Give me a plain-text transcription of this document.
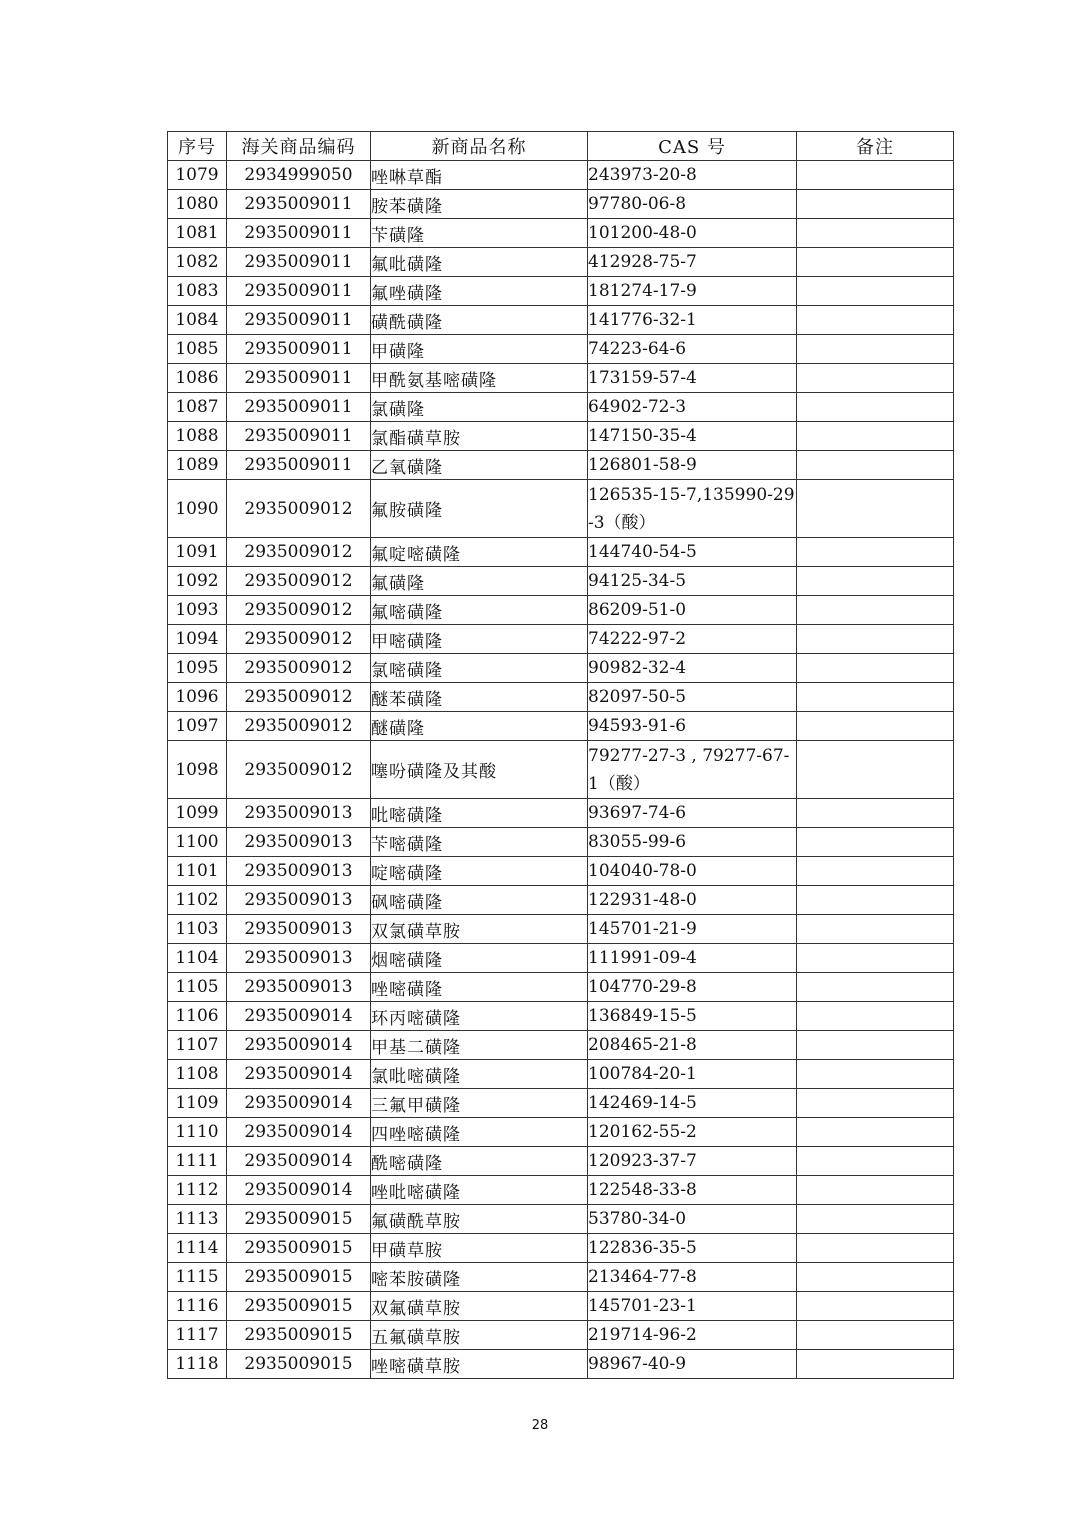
序号	海关商品编码	新商品名称	CAS 号	备注
1079	2934999050	唑啉草酯	243973-20-8	
1080	2935009011	胺苯磺隆	97780-06-8	
1081	2935009011	苄磺隆	101200-48-0	
1082	2935009011	氟吡磺隆	412928-75-7	
1083	2935009011	氟唑磺隆	181274-17-9	
1084	2935009011	磺酰磺隆	141776-32-1	
1085	2935009011	甲磺隆	74223-64-6	
1086	2935009011	甲酰氨基嘧磺隆	173159-57-4	
1087	2935009011	氯磺隆	64902-72-3	
1088	2935009011	氯酯磺草胺	147150-35-4	
1089	2935009011	乙氧磺隆	126801-58-9	
1090	2935009012	氟胺磺隆	126535-15-7,135990-29-3（酸）	
1091	2935009012	氟啶嘧磺隆	144740-54-5	
1092	2935009012	氟磺隆	94125-34-5	
1093	2935009012	氟嘧磺隆	86209-51-0	
1094	2935009012	甲嘧磺隆	74222-97-2	
1095	2935009012	氯嘧磺隆	90982-32-4	
1096	2935009012	醚苯磺隆	82097-50-5	
1097	2935009012	醚磺隆	94593-91-6	
1098	2935009012	噻吩磺隆及其酸	79277-27-3 , 79277-67-1（酸）	
1099	2935009013	吡嘧磺隆	93697-74-6	
1100	2935009013	苄嘧磺隆	83055-99-6	
1101	2935009013	啶嘧磺隆	104040-78-0	
1102	2935009013	砜嘧磺隆	122931-48-0	
1103	2935009013	双氯磺草胺	145701-21-9	
1104	2935009013	烟嘧磺隆	111991-09-4	
1105	2935009013	唑嘧磺隆	104770-29-8	
1106	2935009014	环丙嘧磺隆	136849-15-5	
1107	2935009014	甲基二磺隆	208465-21-8	
1108	2935009014	氯吡嘧磺隆	100784-20-1	
1109	2935009014	三氟甲磺隆	142469-14-5	
1110	2935009014	四唑嘧磺隆	120162-55-2	
1111	2935009014	酰嘧磺隆	120923-37-7	
1112	2935009014	唑吡嘧磺隆	122548-33-8	
1113	2935009015	氟磺酰草胺	53780-34-0	
1114	2935009015	甲磺草胺	122836-35-5	
1115	2935009015	嘧苯胺磺隆	213464-77-8	
1116	2935009015	双氟磺草胺	145701-23-1	
1117	2935009015	五氟磺草胺	219714-96-2	
1118	2935009015	唑嘧磺草胺	98967-40-9	
28
